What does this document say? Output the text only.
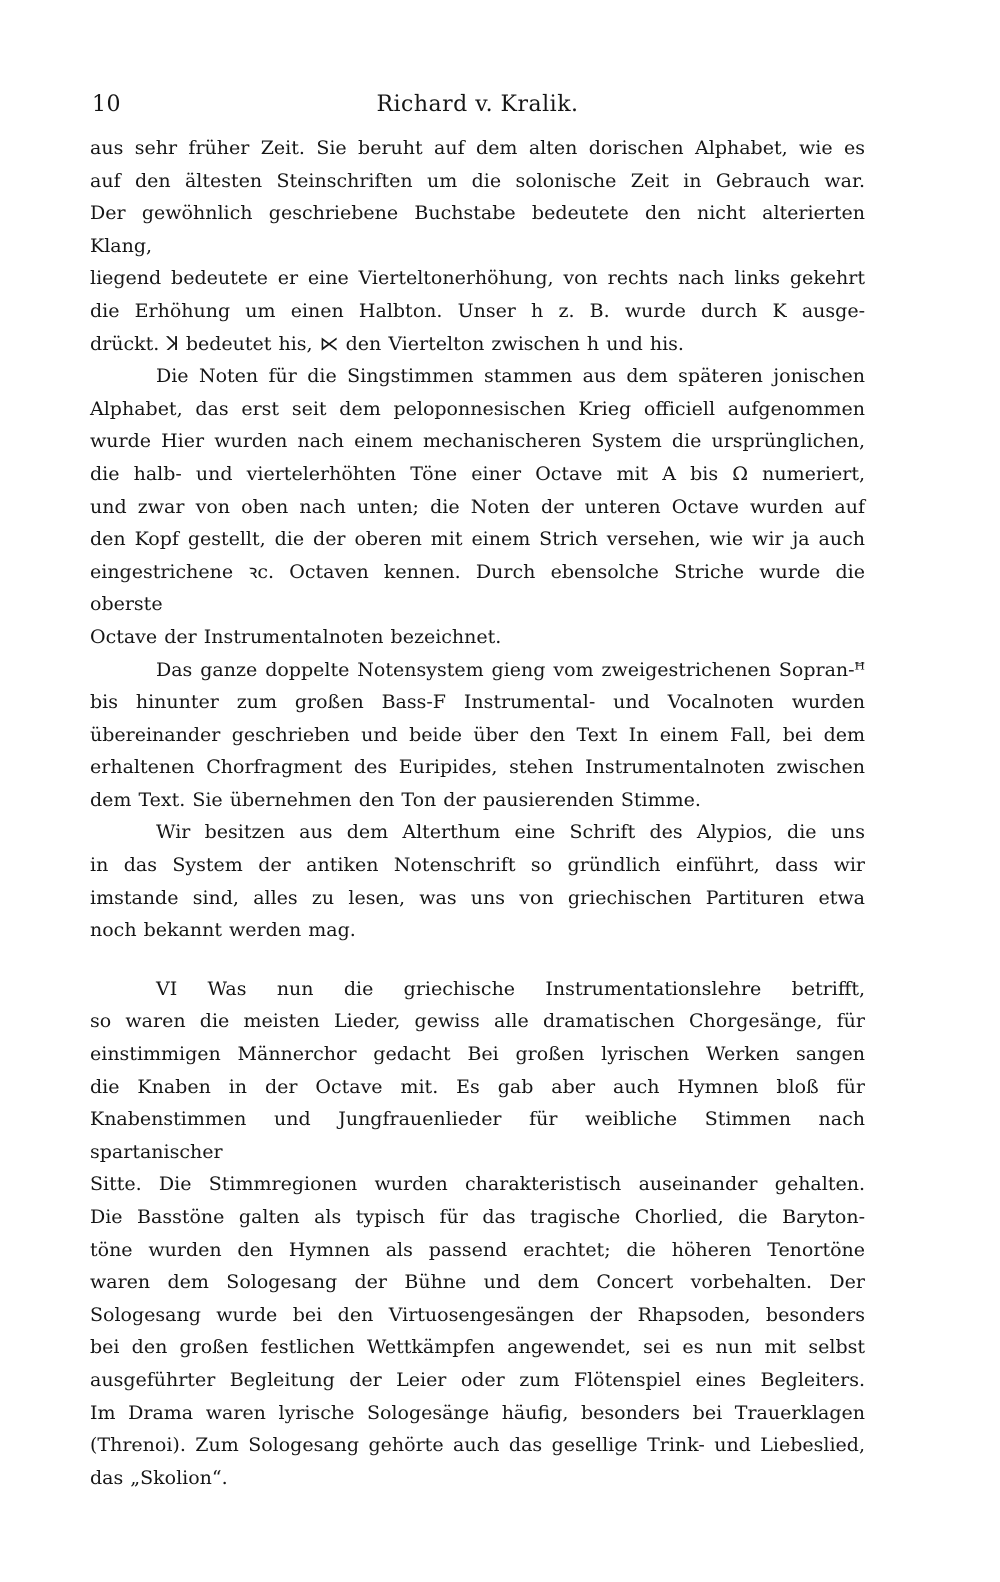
10	Richard v. Kralik.

aus sehr früher Zeit. Sie beruht auf dem alten dorischen Alphabet, wie es
auf den ältesten Steinschriften um die solonische Zeit in Gebrauch war.
Der gewöhnlich geschriebene Buchstabe bedeutete den nicht alterierten Klang,
liegend bedeutete er eine Vierteltonerhöhung, von rechts nach links gekehrt
die Erhöhung um einen Halbton. Unser h z. B. wurde durch K ausge-
drückt. ꓘ bedeutet his, ⋉ den Viertelton zwischen h und his.

Die Noten für die Singstimmen stammen aus dem späteren jonischen
Alphabet, das erst seit dem peloponnesischen Krieg officiell aufgenommen
wurde Hier wurden nach einem mechanischeren System die ursprünglichen,
die halb- und viertelerhöhten Töne einer Octave mit A bis Ω numeriert,
und zwar von oben nach unten; die Noten der unteren Octave wurden auf
den Kopf gestellt, die der oberen mit einem Strich versehen, wie wir ja auch
eingestrichene ꝛc. Octaven kennen. Durch ebensolche Striche wurde die oberste
Octave der Instrumentalnoten bezeichnet.

Das ganze doppelte Notensystem gieng vom zweigestrichenen Sopran-ꟸ
bis hinunter zum großen Bass-F Instrumental- und Vocalnoten wurden
übereinander geschrieben und beide über den Text In einem Fall, bei dem
erhaltenen Chorfragment des Euripides, stehen Instrumentalnoten zwischen
dem Text. Sie übernehmen den Ton der pausierenden Stimme.

Wir besitzen aus dem Alterthum eine Schrift des Alypios, die uns
in das System der antiken Notenschrift so gründlich einführt, dass wir
imstande sind, alles zu lesen, was uns von griechischen Partituren etwa
noch bekannt werden mag.

VI Was nun die griechische Instrumentationslehre betrifft,
so waren die meisten Lieder, gewiss alle dramatischen Chorgesänge, für
einstimmigen Männerchor gedacht Bei großen lyrischen Werken sangen
die Knaben in der Octave mit. Es gab aber auch Hymnen bloß für
Knabenstimmen und Jungfrauenlieder für weibliche Stimmen nach spartanischer
Sitte. Die Stimmregionen wurden charakteristisch auseinander gehalten.
Die Basstöne galten als typisch für das tragische Chorlied, die Baryton-
töne wurden den Hymnen als passend erachtet; die höheren Tenortöne
waren dem Sologesang der Bühne und dem Concert vorbehalten. Der
Sologesang wurde bei den Virtuosengesängen der Rhapsoden, besonders
bei den großen festlichen Wettkämpfen angewendet, sei es nun mit selbst
ausgeführter Begleitung der Leier oder zum Flötenspiel eines Begleiters.
Im Drama waren lyrische Sologesänge häufig, besonders bei Trauerklagen
(Threnoi). Zum Sologesang gehörte auch das gesellige Trink- und Liebeslied,
das „Skolion“.
